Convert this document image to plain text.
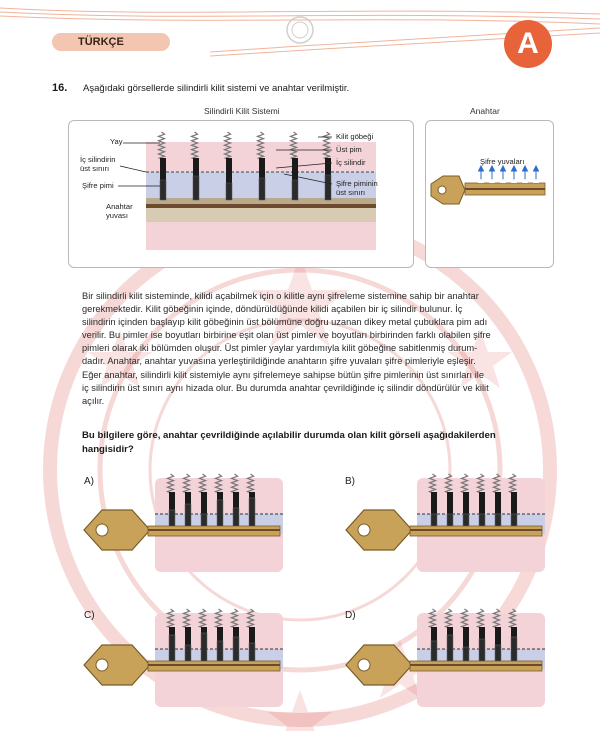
TÜRKÇE	A
16. Aşağıdaki görsellerde silindirli kilit sistemi ve anahtar verilmiştir.
Silindirli Kilit Sistemi	Anahtar
Yay
İç silindirin
üst sınırı
Şifre pimi
Anahtar
yuvası
Kilit göbeği
Üst pim
İç silindir
Şifre piminin
üst sınırı
Şifre yuvaları
Bir silindirli kilit sisteminde, kilidi açabilmek için o kilitle aynı şifreleme sistemine sahip bir anahtar
gerekmektedir. Kilit göbeğinin içinde, döndürüldüğünde kilidi açabilen bir iç silindir bulunur. İç
silindirin içinden başlayıp kilit göbeğinin üst bölümüne doğru uzanan dikey metal çubuklara pim adı
verilir. Bu pimler ise boyutları birbirine eşit olan üst pimler ve boyutları birbirinden farklı olabilen şifre
pimleri olarak iki bölümden oluşur. Üst pimler yaylar yardımıyla kilit göbeğine sabitlenmiş durum-
dadır. Anahtar, anahtar yuvasına yerleştirildiğinde anahtarın şifre yuvaları şifre pimleriyle eşleşir.
Eğer anahtar, silindirli kilit sistemiyle aynı şifrelemeye sahipse bütün şifre pimlerinin üst sınırları ile
iç silindirin üst sınırı aynı hizada olur. Bu durumda anahtar çevrildiğinde iç silindir döndürülür ve kilit
açılır.
Bu bilgilere göre, anahtar çevrildiğinde açılabilir durumda olan kilit görseli aşağıdakilerden
hangisidir?
A)	B)
C)	D)
